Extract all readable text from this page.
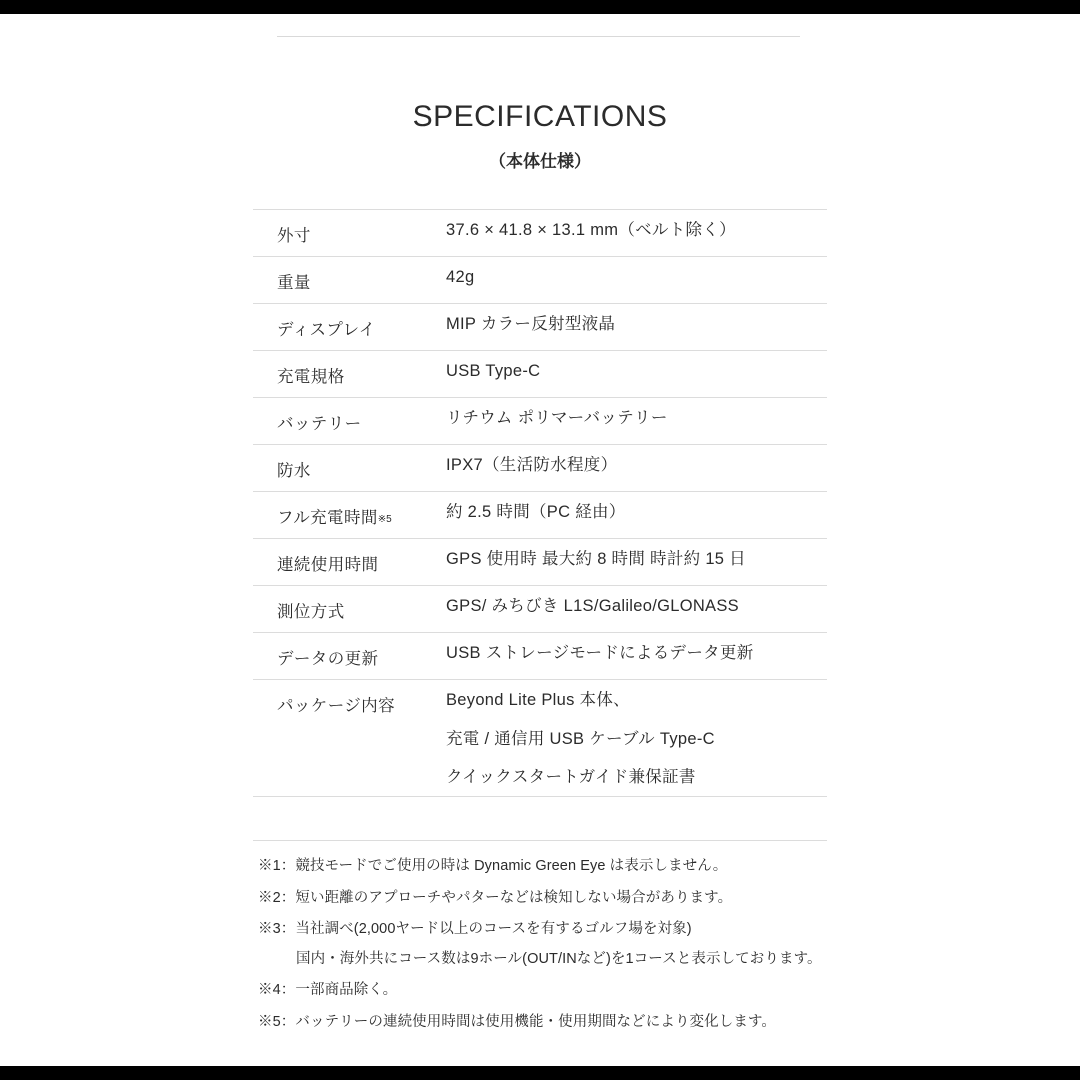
SPECIFICATIONS
（本体仕様）
外寸	37.6 × 41.8 × 13.1 mm（ベルト除く）
重量	42g
ディスプレイ	MIP カラー反射型液晶
充電規格	USB Type-C
バッテリー	リチウム ポリマーバッテリー
防水	IPX7（生活防水程度）
フル充電時間$^{※5}$	約 2.5 時間（PC 経由）
連続使用時間	GPS 使用時 最大約 8 時間 時計約 15 日
測位方式	GPS/ みちびき L1S/Galileo/GLONASS
データの更新	USB ストレージモードによるデータ更新
パッケージ内容	Beyond Lite Plus 本体、
充電 / 通信用 USB ケーブル Type-C
クイックスタートガイド兼保証書
※1：競技モードでご使用の時は Dynamic Green Eye は表示しません。
※2：短い距離のアプローチやパターなどは検知しない場合があります。
※3：当社調べ(2,000ヤード以上のコースを有するゴルフ場を対象)
国内・海外共にコース数は9ホール(OUT/INなど)を1コースと表示しております。
※4：一部商品除く。
※5：バッテリーの連続使用時間は使用機能・使用期間などにより変化します。
